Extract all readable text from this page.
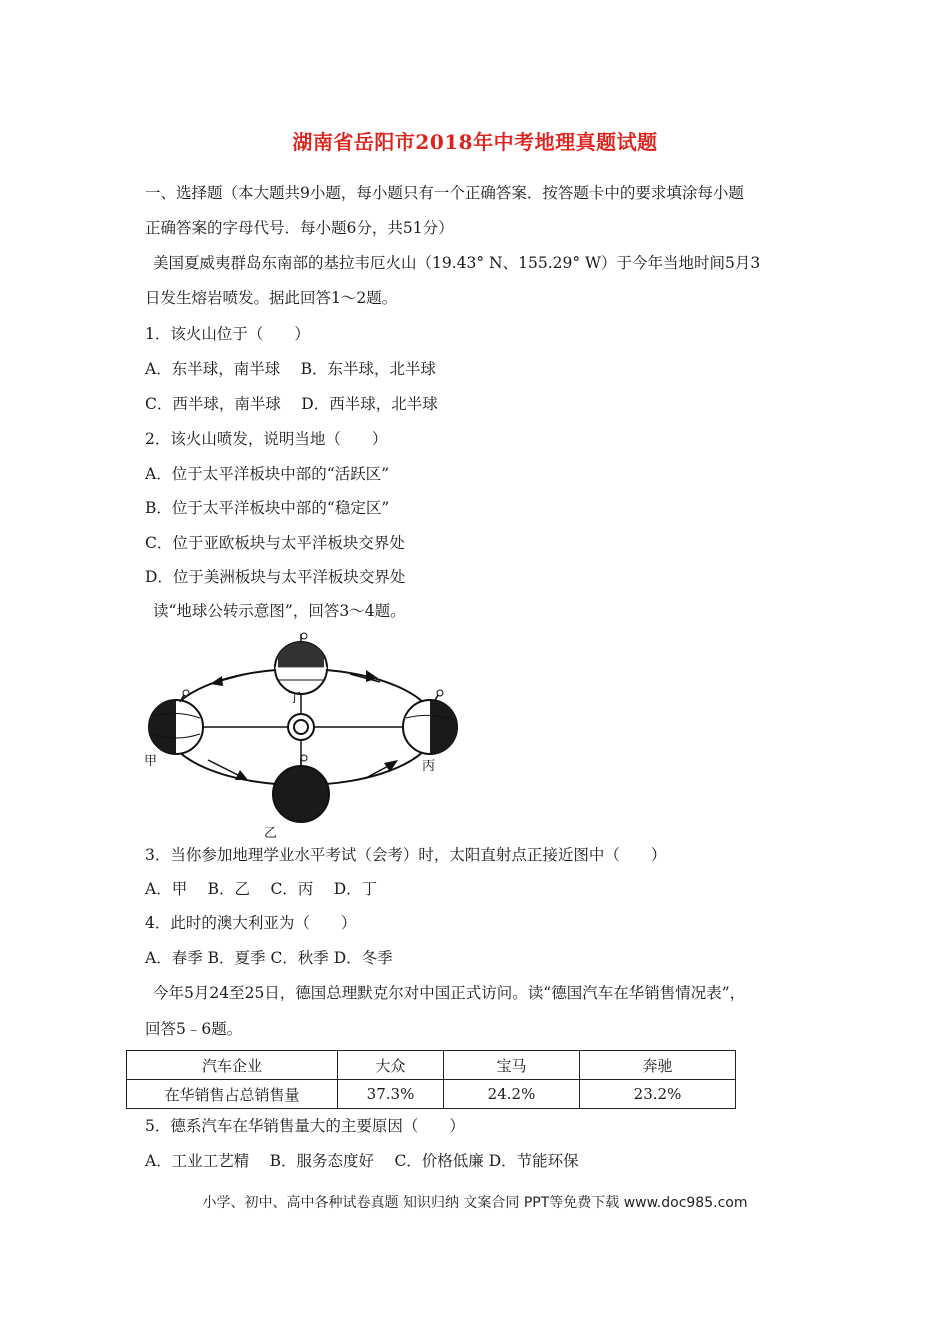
湖南省岳阳市2018年中考地理真题试题
一、选择题（本大题共9小题，每小题只有一个正确答案．按答题卡中的要求填涂每小题
正确答案的字母代号．每小题6分，共51分）
美国夏威夷群岛东南部的基拉韦厄火山（19.43° N、155.29° W）于今年当地时间5月3
日发生熔岩喷发。据此回答1～2题。
1．该火山位于（　　）
A．东半球，南半球　 B．东半球，北半球
C．西半球，南半球　 D．西半球，北半球
2．该火山喷发，说明当地（　　）
A．位于太平洋板块中部的“活跃区”
B．位于太平洋板块中部的“稳定区”
C．位于亚欧板块与太平洋板块交界处
D．位于美洲板块与太平洋板块交界处
读“地球公转示意图”，回答3～4题。
丁
甲	丙
乙
3．当你参加地理学业水平考试（会考）时，太阳直射点正接近图中（　　）
A．甲　 B．乙　 C．丙　 D．丁
4．此时的澳大利亚为（　　）
A．春季 B．夏季 C．秋季 D．冬季
今年5月24至25日，德国总理默克尔对中国正式访问。读“德国汽车在华销售情况表”，
回答5﹣6题。
汽车企业	大众	宝马	奔驰
在华销售占总销售量	37.3%	24.2%	23.2%
5．德系汽车在华销售量大的主要原因（　　）
A．工业工艺精　 B．服务态度好　 C．价格低廉 D．节能环保
小学、初中、高中各种试卷真题 知识归纳 文案合同 PPT等免费下载 www.doc985.com
